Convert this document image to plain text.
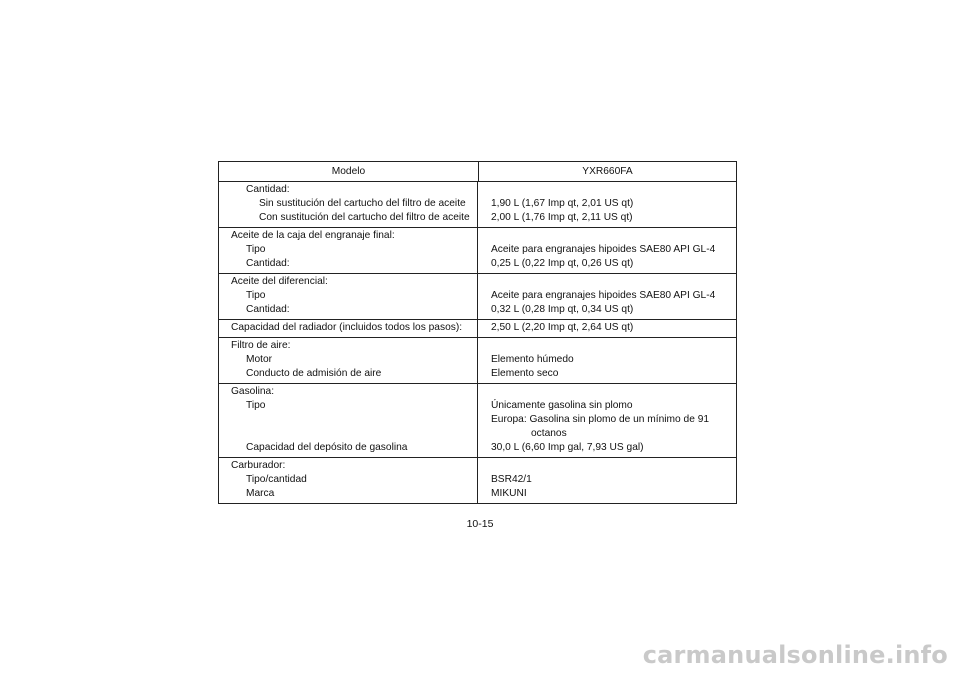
Modelo	YXR660FA
Cantidad:
Sin sustitución del cartucho del filtro de aceite
Con sustitución del cartucho del filtro de aceite
1,90 L (1,67 Imp qt, 2,01 US qt)
2,00 L (1,76 Imp qt, 2,11 US qt)
Aceite de la caja del engranaje final:
Tipo
Cantidad:
Aceite para engranajes hipoides SAE80 API GL-4
0,25 L (0,22 Imp qt, 0,26 US qt)
Aceite del diferencial:
Tipo
Cantidad:
Aceite para engranajes hipoides SAE80 API GL-4
0,32 L (0,28 Imp qt, 0,34 US qt)
Capacidad del radiador (incluidos todos los pasos):	2,50 L (2,20 Imp qt, 2,64 US qt)
Filtro de aire:
Motor
Conducto de admisión de aire
Elemento húmedo
Elemento seco
Gasolina:
Tipo
Capacidad del depósito de gasolina
Únicamente gasolina sin plomo
Europa: Gasolina sin plomo de un mínimo de 91
octanos
30,0 L (6,60 Imp gal, 7,93 US gal)
Carburador:
Tipo/cantidad
Marca
BSR42/1
MIKUNI
10-15
carmanualsonline.info
